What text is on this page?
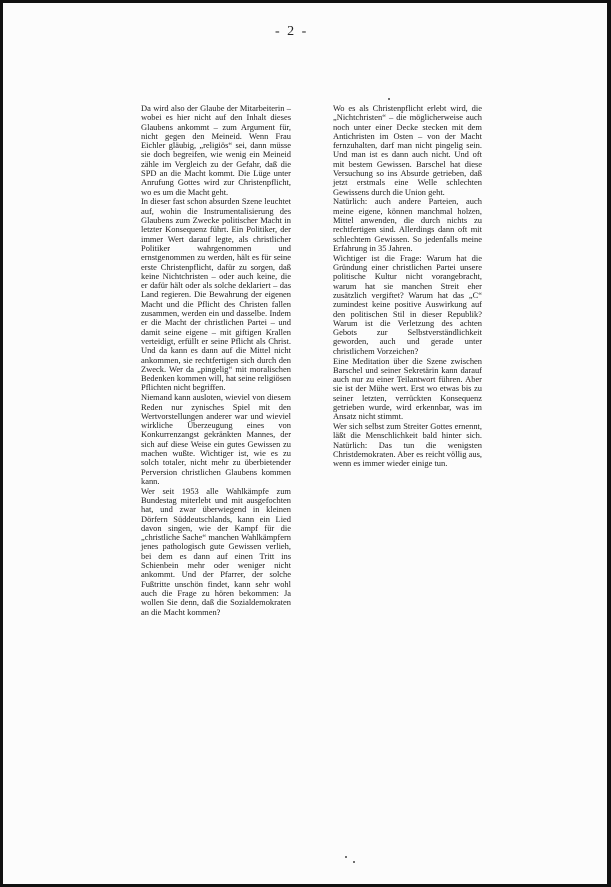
- 2 -

Da wird also der Glaube der Mitarbeiterin – wobei es hier nicht auf den Inhalt dieses Glaubens ankommt – zum Argument für, nicht gegen den Meineid. Wenn Frau Eichler gläubig, „religiös“ sei, dann müsse sie doch begreifen, wie wenig ein Meineid zähle im Vergleich zu der Gefahr, daß die SPD an die Macht kommt. Die Lüge unter Anrufung Gottes wird zur Christenpflicht, wo es um die Macht geht.

In dieser fast schon absurden Szene leuchtet auf, wohin die Instrumentalisierung des Glaubens zum Zwecke politischer Macht in letzter Konsequenz führt. Ein Politiker, der immer Wert darauf legte, als christlicher Politiker wahrgenommen und ernstgenommen zu werden, hält es für seine erste Christenpflicht, dafür zu sorgen, daß keine Nichtchristen – oder auch keine, die er dafür hält oder als solche deklariert – das Land regieren. Die Bewahrung der eigenen Macht und die Pflicht des Christen fallen zusammen, werden ein und dasselbe. Indem er die Macht der christlichen Partei – und damit seine eigene – mit giftigen Krallen verteidigt, erfüllt er seine Pflicht als Christ. Und da kann es dann auf die Mittel nicht ankommen, sie rechtfertigen sich durch den Zweck. Wer da „pingelig“ mit moralischen Bedenken kommen will, hat seine religiösen Pflichten nicht begriffen.

Niemand kann ausloten, wieviel von diesem Reden nur zynisches Spiel mit den Wertvorstellungen anderer war und wieviel wirkliche Überzeugung eines von Konkurrenzangst gekränkten Mannes, der sich auf diese Weise ein gutes Gewissen zu machen wußte. Wichtiger ist, wie es zu solch totaler, nicht mehr zu überbietender Perversion christlichen Glaubens kommen kann.

Wer seit 1953 alle Wahlkämpfe zum Bundestag miterlebt und mit ausgefochten hat, und zwar überwiegend in kleinen Dörfern Süddeutschlands, kann ein Lied davon singen, wie der Kampf für die „christliche Sache“ manchen Wahlkämpfern jenes pathologisch gute Gewissen verlieh, bei dem es dann auf einen Tritt ins Schienbein mehr oder weniger nicht ankommt. Und der Pfarrer, der solche Fußtritte unschön findet, kann sehr wohl auch die Frage zu hören bekommen: Ja wollen Sie denn, daß die Sozialdemokraten an die Macht kommen?

Wo es als Christenpflicht erlebt wird, die „Nichtchristen“ – die möglicherweise auch noch unter einer Decke stecken mit dem Antichristen im Osten – von der Macht fernzuhalten, darf man nicht pingelig sein. Und man ist es dann auch nicht. Und oft mit bestem Gewissen. Barschel hat diese Versuchung so ins Absurde getrieben, daß jetzt erstmals eine Welle schlechten Gewissens durch die Union geht.

Natürlich: auch andere Parteien, auch meine eigene, können manchmal holzen, Mittel anwenden, die durch nichts zu rechtfertigen sind. Allerdings dann oft mit schlechtem Gewissen. So jedenfalls meine Erfahrung in 35 Jahren.

Wichtiger ist die Frage: Warum hat die Gründung einer christlichen Partei unsere politische Kultur nicht vorangebracht, warum hat sie manchen Streit eher zusätzlich vergiftet? Warum hat das „C“ zumindest keine positive Auswirkung auf den politischen Stil in dieser Republik? Warum ist die Verletzung des achten Gebots zur Selbstverständlichkeit geworden, auch und gerade unter christlichem Vorzeichen?

Eine Meditation über die Szene zwischen Barschel und seiner Sekretärin kann darauf auch nur zu einer Teilantwort führen. Aber sie ist der Mühe wert. Erst wo etwas bis zu seiner letzten, verrückten Konsequenz getrieben wurde, wird erkennbar, was im Ansatz nicht stimmt.

Wer sich selbst zum Streiter Gottes ernennt, läßt die Menschlichkeit bald hinter sich. Natürlich: Das tun die wenigsten Christdemokraten. Aber es reicht völlig aus, wenn es immer wieder einige tun.
